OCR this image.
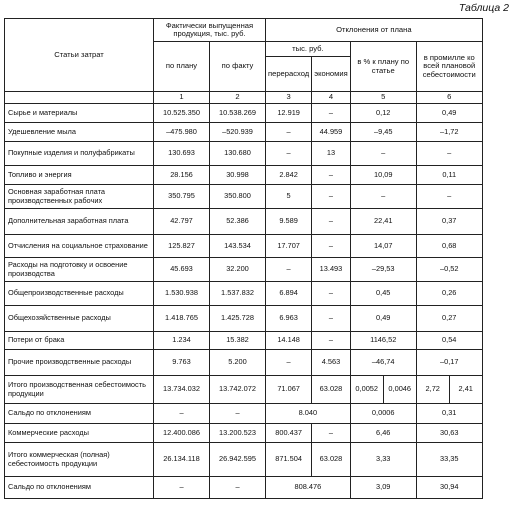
Таблица 2
Статьи затрат	Фактически выпущенная продукция, тыс. руб.		Отклонения от плана					
	по плану	по факту	тыс. руб.		в % к плану по статье		в промилле ко всей плановой себестоимости	
			перерасход	экономия				
	1	2	3	4	5		6	
Сырье и материалы	10.525.350	10.538.269	12.919	–	0,12		0,49	
Удешевление мыла	–475.980	–520.939	–	44.959	–9,45		–1,72	
Покупные изделия и полуфабрикаты	130.693	130.680	–	13	–		–	
Топливо и энергия	28.156	30.998	2.842	–	10,09		0,11	
Основная заработная плата производственных рабочих	350.795	350.800	5	–	–		–	
Дополнительная заработная плата	42.797	52.386	9.589	–	22,41		0,37	
Отчисления на социальное страхование	125.827	143.534	17.707	–	14,07		0,68	
Расходы на подготовку и освоение производства	45.693	32.200	–	13.493	–29,53		–0,52	
Общепроизводственные расходы	1.530.938	1.537.832	6.894	–	0,45		0,26	
Общехозяйственные расходы	1.418.765	1.425.728	6.963	–	0,49		0,27	
Потери от брака	1.234	15.382	14.148	–	1146,52		0,54	
Прочие производственные расходы	9.763	5.200	–	4.563	–46,74		–0,17	
Итого производственная себестоимость продукции	13.734.032	13.742.072	71.067	63.028	0,0052	0,0046	2,72	2,41
Сальдо по отклонениям	–	–	8.040		0,0006		0,31	
Коммерческие расходы	12.400.086	13.200.523	800.437	–	6,46		30,63	
Итого коммерческая (полная) себестоимость продукции	26.134.118	26.942.595	871.504	63.028	3,33		33,35	
Сальдо по отклонениям	–	–	808.476		3,09		30,94	
